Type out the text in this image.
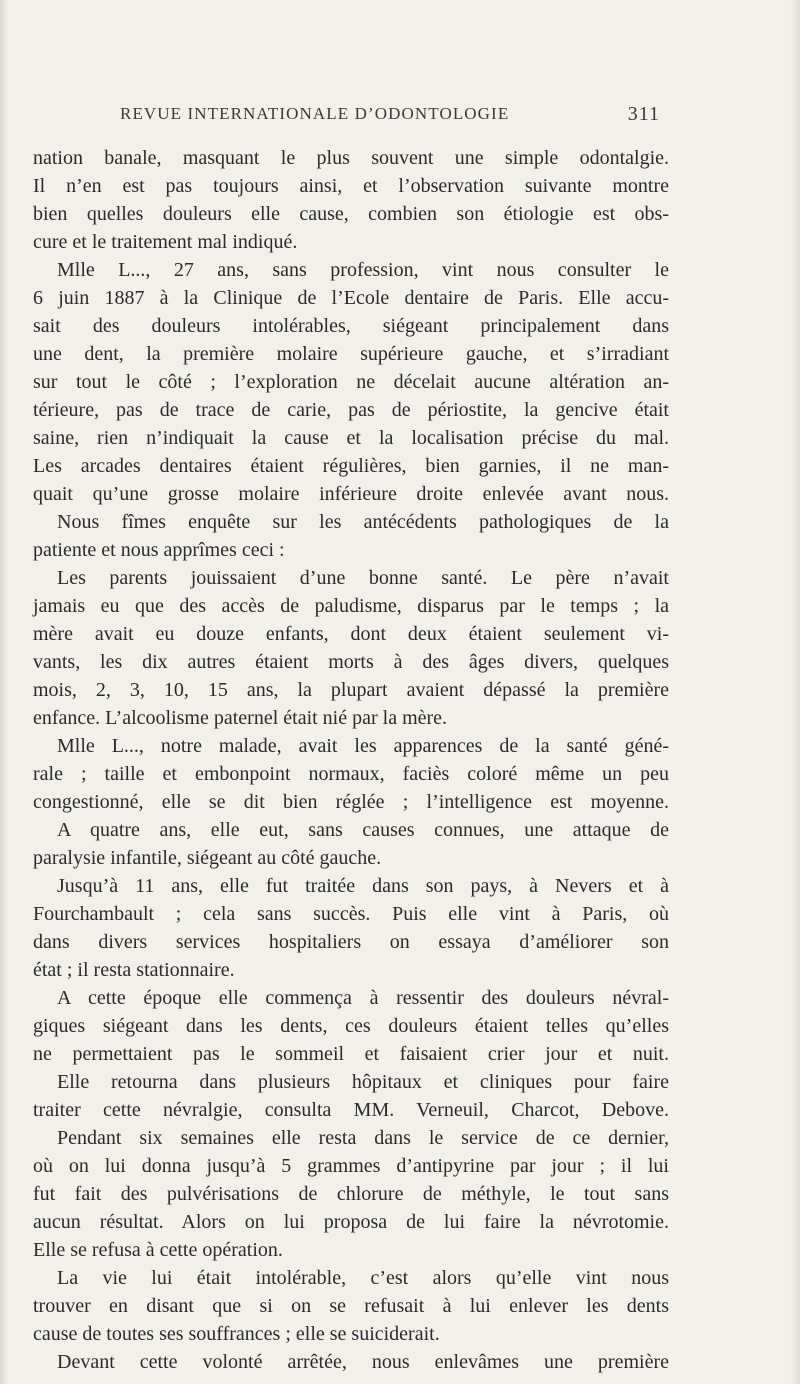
REVUE INTERNATIONALE D’ODONTOLOGIE	311
nation banale, masquant le plus souvent une simple odontalgie.
Il n’en est pas toujours ainsi, et l’observation suivante montre
bien quelles douleurs elle cause, combien son étiologie est obs-
cure et le traitement mal indiqué.
Mlle L..., 27 ans, sans profession, vint nous consulter le
6 juin 1887 à la Clinique de l’Ecole dentaire de Paris. Elle accu-
sait des douleurs intolérables, siégeant principalement dans
une dent, la première molaire supérieure gauche, et s’irradiant
sur tout le côté ; l’exploration ne décelait aucune altération an-
térieure, pas de trace de carie, pas de périostite, la gencive était
saine, rien n’indiquait la cause et la localisation précise du mal.
Les arcades dentaires étaient régulières, bien garnies, il ne man-
quait qu’une grosse molaire inférieure droite enlevée avant nous.
Nous fîmes enquête sur les antécédents pathologiques de la
patiente et nous apprîmes ceci :
Les parents jouissaient d’une bonne santé. Le père n’avait
jamais eu que des accès de paludisme, disparus par le temps ; la
mère avait eu douze enfants, dont deux étaient seulement vi-
vants, les dix autres étaient morts à des âges divers, quelques
mois, 2, 3, 10, 15 ans, la plupart avaient dépassé la première
enfance. L’alcoolisme paternel était nié par la mère.
Mlle L..., notre malade, avait les apparences de la santé géné-
rale ; taille et embonpoint normaux, faciès coloré même un peu
congestionné, elle se dit bien réglée ; l’intelligence est moyenne.
A quatre ans, elle eut, sans causes connues, une attaque de
paralysie infantile, siégeant au côté gauche.
Jusqu’à 11 ans, elle fut traitée dans son pays, à Nevers et à
Fourchambault ; cela sans succès. Puis elle vint à Paris, où
dans divers services hospitaliers on essaya d’améliorer son
état ; il resta stationnaire.
A cette époque elle commença à ressentir des douleurs névral-
giques siégeant dans les dents, ces douleurs étaient telles qu’elles
ne permettaient pas le sommeil et faisaient crier jour et nuit.
Elle retourna dans plusieurs hôpitaux et cliniques pour faire
traiter cette névralgie, consulta MM. Verneuil, Charcot, Debove.
Pendant six semaines elle resta dans le service de ce dernier,
où on lui donna jusqu’à 5 grammes d’antipyrine par jour ; il lui
fut fait des pulvérisations de chlorure de méthyle, le tout sans
aucun résultat. Alors on lui proposa de lui faire la névrotomie.
Elle se refusa à cette opération.
La vie lui était intolérable, c’est alors qu’elle vint nous
trouver en disant que si on se refusait à lui enlever les dents
cause de toutes ses souffrances ; elle se suiciderait.
Devant cette volonté arrêtée, nous enlevâmes une première
